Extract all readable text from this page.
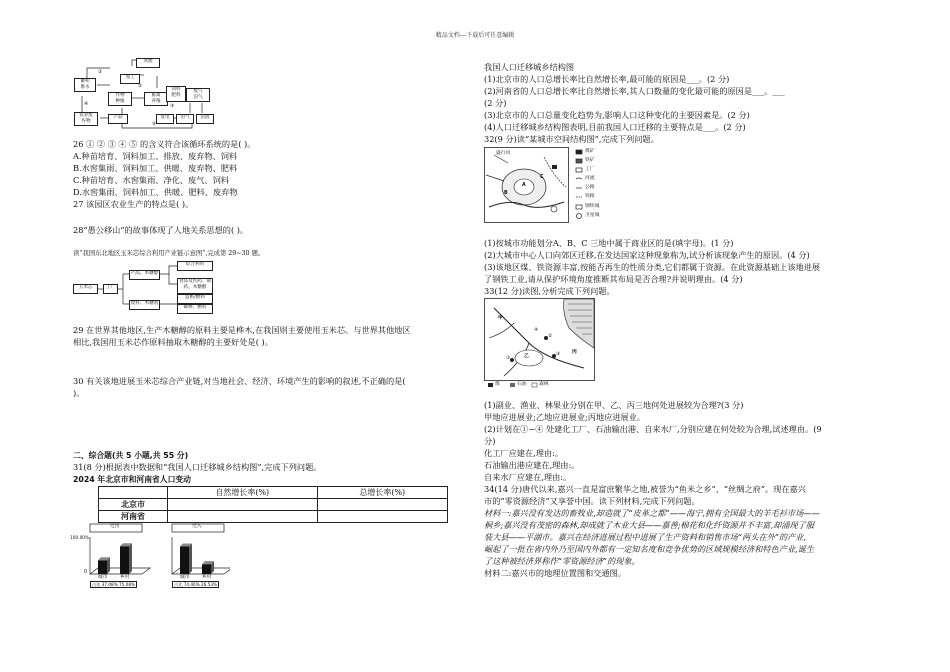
精品文档---下载后可任意编辑
粪便
蓄积
堆水
农业废
弃物
作物
种植
加工
畜禽
养殖
饲料
肥料
废气
沼气
沼气	沼渣
发电
产品
①
②
③
④
⑤
26 ① ② ③ ④ ⑤ 的含义符合该循环系统的是( )。
A.种苗培育、饲料加工、排放、废弃物、饲料
B.水窖集雨、饲料加工、供暖、废弃物、肥料
C.种苗培育、水窖集雨、净化、废气、饲料
D.水窖集雨、饲料加工、供暖、肥料、废弃物
27 该园区农业生产的特点是( )。
28“愚公移山”的故事体现了人地关系思想的( )。
读“我国东北地区玉米芯综合利用产业链示意图”,完成第 29~30 题。
玉米芯	工厂
产品、木糖醇
废料、木糖渣
食品及医药、制药、木糖醇
综合利用
造纸/燃料
碳棒、燃料
29 在世界其他地区,生产木糖醇的原料主要是桦木,在我国则主要使用玉米芯。与世界其他地区
相比,我国用玉米芯作原料抽取木糖醇的主要好处是( )。
30 有关该地进展玉米芯综合产业链,对当地社会、经济、环境产生的影响的叙述,不正确的是(
)。
二、综合题(共 5 小题,共 55 分)
31(8 分)根据表中数据和“我国人口迁移城乡结构图”,完成下列问题。
2024 年北京市和河南省人口变动
	自然增长率(%)	总增长率(%)
北京市		
河南省		
迁出	迁入
100.00%
0
城市	乡村	城市	乡村
占比 37.08% 75.08%	占比 74.46% 26.53%
我国人口迁移城乡结构图
(1)北京市的人口总增长率比自然增长率,最可能的原因是___。(2 分)
(2)河南省的人口总增长率比自然增长率,其人口数量的变化最可能的原因是___。___
(2 分)
(3)北京市的人口总量变化趋势为,影响人口这种变化的主要因素是。(2 分)
(4)人口迁移城乡结构图表明,目前我国人口迁移的主要特点是___。(2 分)
32(9 分)读“某城市空间结构图”,完成下列问题。
盛行风
A
B
C
煤矿
铁矿
工厂
河流
公路
铁路
钢铁城
卫星城
(1)按城市功能划分A、B、C 三地中属于商业区的是(填字母)。(1 分)
(2)大城市中心人口向郊区迁移,在发达国家这种现象称为,试分析该现象产生的原因。(4 分)
(3)该地区煤、铁资源丰富,按能否再生的性质分类,它们都属于资源。在此资源基础上该地进展
了钢铁工业,请从保护环境角度推断其布局是否合理?并说明理由。(4 分)
33(12 分)读图,分析完成下列问题。
甲
乙
丙
①
②
③
④
煤	石油	森林
(1)副业、渔业、林果业分别在甲、乙、丙三地何处进展较为合理?(3 分)
甲地应进展业;乙地应进展业;丙地应进展业。
(2)计划在①~④ 处建化工厂、石油输出港、自来水厂,分别应建在何处较为合理,试述理由。(9
分)
化工厂应建在,理由:。
石油输出港应建在,理由:。
自来水厂应建在,理由:。
34(14 分)唐代以来,嘉兴一直是富庶繁华之地,被誉为“鱼米之乡”、“丝绸之府”。现在嘉兴
市的“零资源经济”又享誉中国。读下列材料,完成下列问题。
材料一:嘉兴没有发达的畜牧业,却造就了“皮革之都”——海宁,拥有全国最大的羊毛衫市场——
桐乡;嘉兴没有茂密的森林,却成就了木业大县——嘉善;棉花和化纤资源并不丰富,却涌现了服
装大县——平湖市。嘉兴在经济进展过程中进展了生产资料和销售市场“两头在外”的产业,
崛起了一批在省内外乃至国内外都有一定知名度和竞争优势的区域规模经济和特色产业,诞生
了这种被经济界称作“零资源经济”的现象。
材料二:嘉兴市的地理位置图和交通图。
